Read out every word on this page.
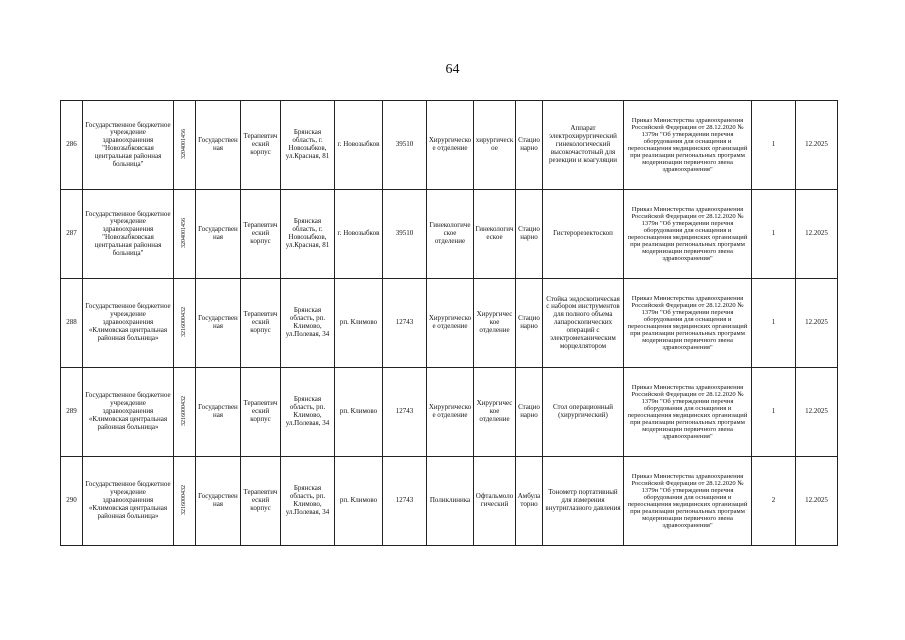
64
286	Государственное бюджетное учреждение здравоохранения "Новозыбковская центральная районная больница"	3204001456	Государственная	Терапевтический корпус	Брянская область, г. Новозыбков, ул.Красная, 81	г. Новозыбков	39510	Хирургическое отделение	хирургическое	Стационарно	Аппарат электрохирургический гинекологический высокочастотный для резекции и коагуляции	Приказ Министерства здравоохранения Российской Федерации от 28.12.2020 № 1379н "Об утверждении перечня оборудования для оснащения и переоснащения медицинских организаций при реализации региональных программ модернизации первичного звена здравоохранения"	1	12.2025
287	Государственное бюджетное учреждение здравоохранения "Новозыбковская центральная районная больница"	3204001456	Государственная	Терапевтический корпус	Брянская область, г. Новозыбков, ул.Красная, 81	г. Новозыбков	39510	Гинекологическое отделение	Гинекологическое	Стационарно	Гистерорезектоскоп	Приказ Министерства здравоохранения Российской Федерации от 28.12.2020 № 1379н "Об утверждении перечня оборудования для оснащения и переоснащения медицинских организаций при реализации региональных программ модернизации первичного звена здравоохранения"	1	12.2025
288	Государственное бюджетное учреждение здравоохранения «Климовская центральная районная больница»	3216000432	Государственная	Терапевтический корпус	Брянская область, рп. Климово, ул.Полевая, 34	рп. Климово	12743	Хирургическое отделение	Хирургическое отделение	Стационарно	Стойка эндоскопическая с набором инструментов для полного объема лапароскопических операций с электромеханическим морцеллятором	Приказ Министерства здравоохранения Российской Федерации от 28.12.2020 № 1379н "Об утверждении перечня оборудования для оснащения и переоснащения медицинских организаций при реализации региональных программ модернизации первичного звена здравоохранения"	1	12.2025
289	Государственное бюджетное учреждение здравоохранения «Климовская центральная районная больница»	3216000432	Государственная	Терапевтический корпус	Брянская область, рп. Климово, ул.Полевая, 34	рп. Климово	12743	Хирургическое отделение	Хирургическое отделение	Стационарно	Стол операционный (хирургический)	Приказ Министерства здравоохранения Российской Федерации от 28.12.2020 № 1379н "Об утверждении перечня оборудования для оснащения и переоснащения медицинских организаций при реализации региональных программ модернизации первичного звена здравоохранения"	1	12.2025
290	Государственное бюджетное учреждение здравоохранения «Климовская центральная районная больница»	3216000432	Государственная	Терапевтический корпус	Брянская область, рп. Климово, ул.Полевая, 34	рп. Климово	12743	Поликлиника	Офтальмологический	Амбулаторно	Тонометр портативный для измерения внутриглазного давления	Приказ Министерства здравоохранения Российской Федерации от 28.12.2020 № 1379н "Об утверждении перечня оборудования для оснащения и переоснащения медицинских организаций при реализации региональных программ модернизации первичного звена здравоохранения"	2	12.2025
